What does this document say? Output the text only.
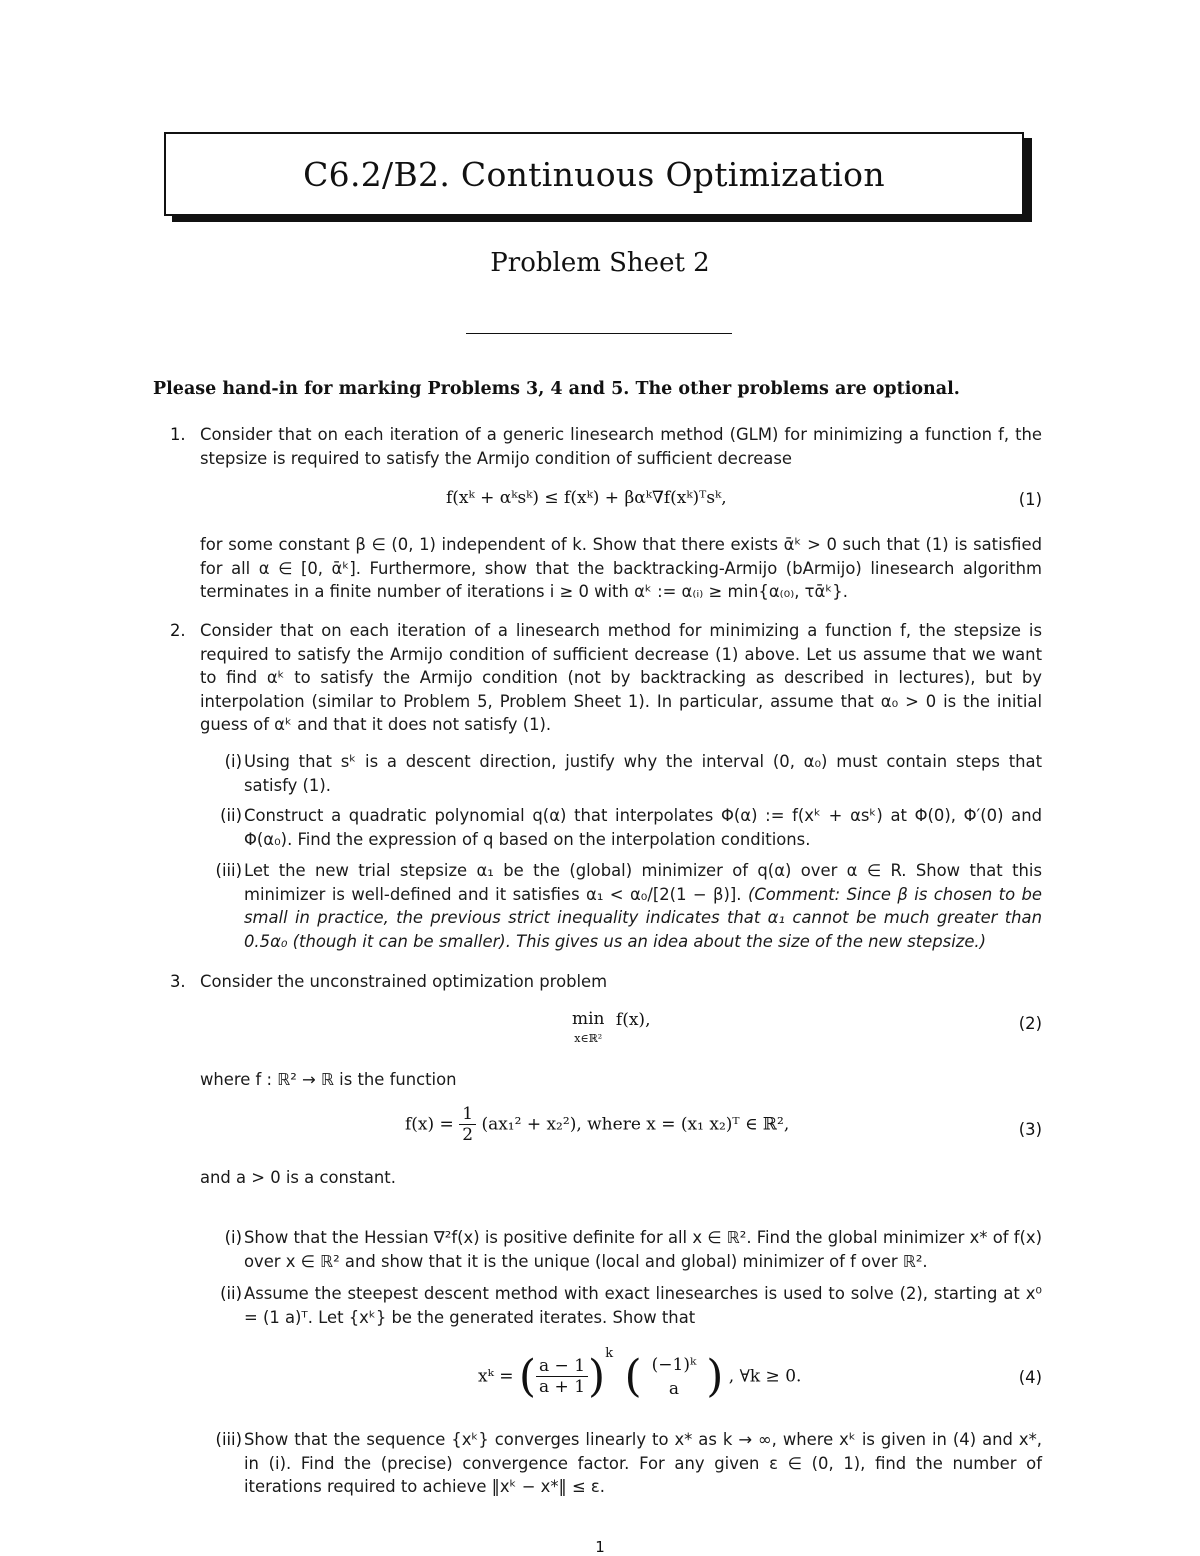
C6.2/B2. Continuous Optimization
Problem Sheet 2
Please hand-in for marking Problems 3, 4 and 5. The other problems are optional.
1. Consider that on each iteration of a generic linesearch method (GLM) for minimizing a function f, the stepsize is required to satisfy the Armijo condition of sufficient decrease

f(xᵏ + αᵏsᵏ) ≤ f(xᵏ) + βαᵏ∇f(xᵏ)ᵀsᵏ,	(1)

for some constant β ∈ (0, 1) independent of k. Show that there exists ᾱᵏ > 0 such that (1) is satisfied for all α ∈ [0, ᾱᵏ]. Furthermore, show that the backtracking-Armijo (bArmijo) linesearch algorithm terminates in a finite number of iterations i ≥ 0 with αᵏ := α₍ᵢ₎ ≥ min{α₍₀₎, τᾱᵏ}.

2. Consider that on each iteration of a linesearch method for minimizing a function f, the stepsize is required to satisfy the Armijo condition of sufficient decrease (1) above. Let us assume that we want to find αᵏ to satisfy the Armijo condition (not by backtracking as described in lectures), but by interpolation (similar to Problem 5, Problem Sheet 1). In particular, assume that α₀ > 0 is the initial guess of αᵏ and that it does not satisfy (1).

(i) Using that sᵏ is a descent direction, justify why the interval (0, α₀) must contain steps that satisfy (1).

(ii) Construct a quadratic polynomial q(α) that interpolates Φ(α) := f(xᵏ + αsᵏ) at Φ(0), Φ′(0) and Φ(α₀). Find the expression of q based on the interpolation conditions.

(iii) Let the new trial stepsize α₁ be the (global) minimizer of q(α) over α ∈ R. Show that this minimizer is well-defined and it satisfies α₁ < α₀/[2(1 − β)]. (Comment: Since β is chosen to be small in practice, the previous strict inequality indicates that α₁ cannot be much greater than 0.5α₀ (though it can be smaller). This gives us an idea about the size of the new stepsize.)
3. Consider the unconstrained optimization problem

min
x∈ℝ² f(x),	(2)
where f : ℝ² → ℝ is the function
$f(x) = \frac{1}{2} (ax_1^2 + x_2^2)$, where x = (x₁ x₂)ᵀ ∈ ℝ²,	(3)
and a > 0 is a constant.
(i) Show that the Hessian ∇²f(x) is positive definite for all x ∈ ℝ². Find the global minimizer x* of f(x) over x ∈ ℝ² and show that it is the unique (local and global) minimizer of f over ℝ².

(ii) Assume the steepest descent method with exact linesearches is used to solve (2), starting at x⁰ = (1 a)ᵀ. Let {xᵏ} be the generated iterates. Show that

xᵏ = ( $\frac{a - 1}{a + 1} )^k$ ( (−1)ᵏ
a ) , ∀k ≥ 0.	(4)
(iii) Show that the sequence {xᵏ} converges linearly to x* as k → ∞, where xᵏ is given in (4) and x*, in (i). Find the (precise) convergence factor. For any given ε ∈ (0, 1), find the number of iterations required to achieve ‖xᵏ − x*‖ ≤ ε.

1
